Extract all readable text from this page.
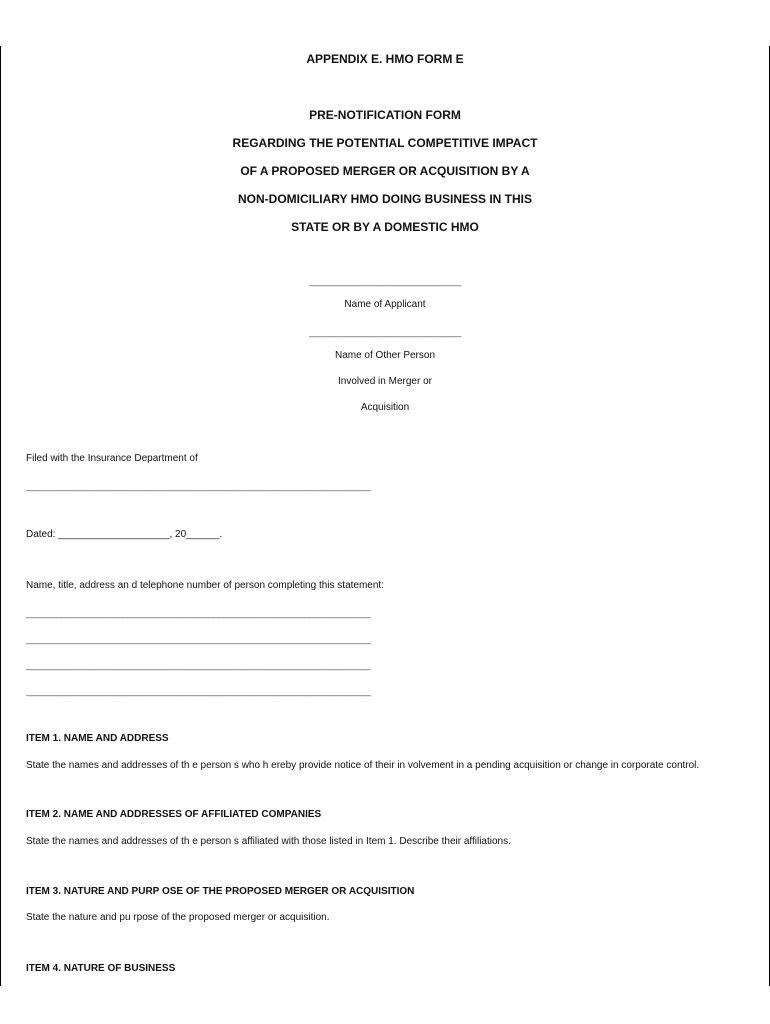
APPENDIX E. HMO FORM E
PRE-NOTIFICATION FORM
REGARDING THE POTENTIAL COMPETITIVE IMPACT
OF A PROPOSED MERGER OR ACQUISITION BY A
NON-DOMICILIARY HMO DOING BUSINESS IN THIS
STATE OR BY A DOMESTIC HMO
______________________________
Name of Applicant
______________________________
Name of Other Person
Involved in Merger or
Acquisition
Filed with the Insurance Department of
____________________________________________________________________
Dated: ____________________, 20______.
Name, title, address an d telephone number of person completing this statement:
____________________________________________________________________
____________________________________________________________________
____________________________________________________________________
____________________________________________________________________
ITEM 1. NAME AND ADDRESS
State the names and addresses of th e person s who h ereby provide notice of their in volvement in a pending acquisition or change in corporate control.
ITEM 2. NAME AND ADDRESSES OF AFFILIATED COMPANIES
State the names and addresses of th e person s affiliated with those listed in Item 1. Describe their affiliations.
ITEM 3. NATURE AND PURP OSE OF THE PROPOSED MERGER OR ACQUISITION
State the nature and pu rpose of the proposed merger or acquisition.
ITEM 4. NATURE OF BUSINESS
